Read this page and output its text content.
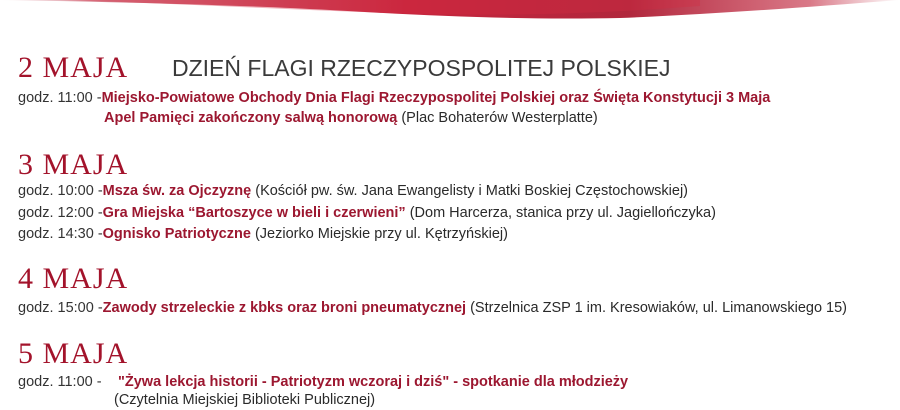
2 MAJA DZIEŃ FLAGI RZECZYPOSPOLITEJ POLSKIEJ
godz. 11:00 -Miejsko-Powiatowe Obchody Dnia Flagi Rzeczypospolitej Polskiej oraz Święta Konstytucji 3 Maja
Apel Pamięci zakończony salwą honorową (Plac Bohaterów Westerplatte)
3 MAJA
godz. 10:00 -Msza św. za Ojczyznę (Kościół pw. św. Jana Ewangelisty i Matki Boskiej Częstochowskiej)
godz. 12:00 -Gra Miejska “Bartoszyce w bieli i czerwieni” (Dom Harcerza, stanica przy ul. Jagiellończyka)
godz. 14:30 -Ognisko Patriotyczne (Jeziorko Miejskie przy ul. Kętrzyńskiej)
4 MAJA
godz. 15:00 -Zawody strzeleckie z kbks oraz broni pneumatycznej (Strzelnica ZSP 1 im. Kresowiaków, ul. Limanowskiego 15)
5 MAJA
godz. 11:00 -"Żywa lekcja historii - Patriotyzm wczoraj i dziś" - spotkanie dla młodzieży
(Czytelnia Miejskiej Biblioteki Publicznej)
